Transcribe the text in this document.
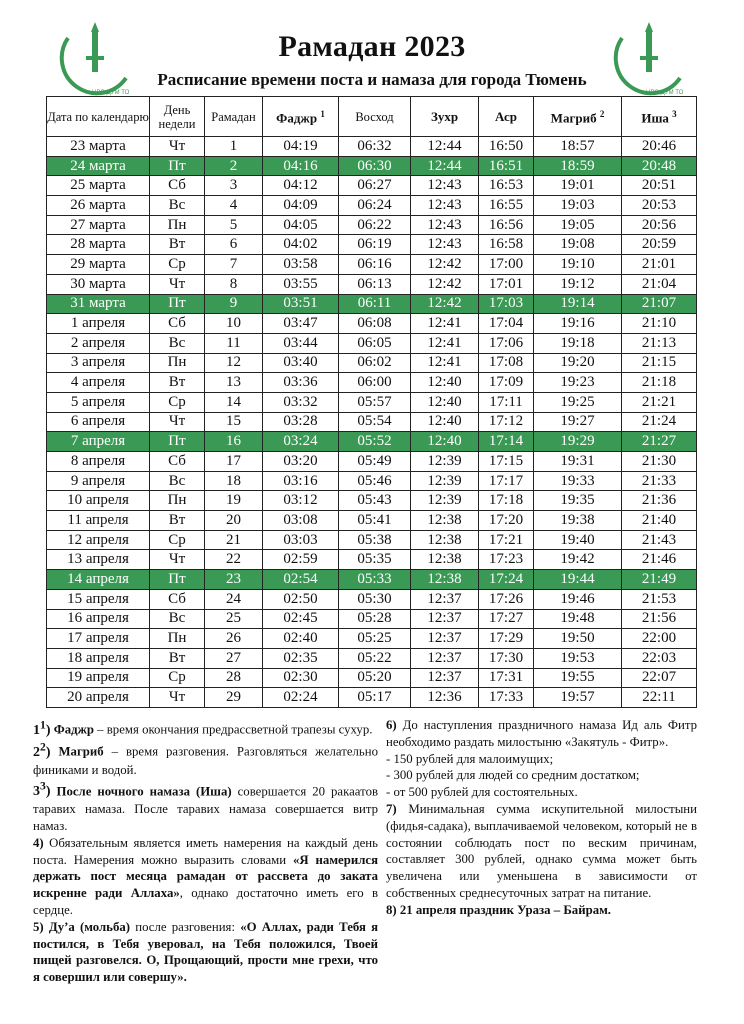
ЦРО ДУМ ТО	ЦРО ДУМ ТО
Рамадан 2023
Расписание времени поста и намаза для города Тюмень
Дата по календарю	День недели	Рамадан	Фаджр $^1$	Восход	Зухр	Аср	Магриб $^2$	Иша $^3$
23 марта	Чт	1	04:19	06:32	12:44	16:50	18:57	20:46
24 марта	Пт	2	04:16	06:30	12:44	16:51	18:59	20:48
25 марта	Сб	3	04:12	06:27	12:43	16:53	19:01	20:51
26 марта	Вс	4	04:09	06:24	12:43	16:55	19:03	20:53
27 марта	Пн	5	04:05	06:22	12:43	16:56	19:05	20:56
28 марта	Вт	6	04:02	06:19	12:43	16:58	19:08	20:59
29 марта	Ср	7	03:58	06:16	12:42	17:00	19:10	21:01
30 марта	Чт	8	03:55	06:13	12:42	17:01	19:12	21:04
31 марта	Пт	9	03:51	06:11	12:42	17:03	19:14	21:07
1 апреля	Сб	10	03:47	06:08	12:41	17:04	19:16	21:10
2 апреля	Вс	11	03:44	06:05	12:41	17:06	19:18	21:13
3 апреля	Пн	12	03:40	06:02	12:41	17:08	19:20	21:15
4 апреля	Вт	13	03:36	06:00	12:40	17:09	19:23	21:18
5 апреля	Ср	14	03:32	05:57	12:40	17:11	19:25	21:21
6 апреля	Чт	15	03:28	05:54	12:40	17:12	19:27	21:24
7 апреля	Пт	16	03:24	05:52	12:40	17:14	19:29	21:27
8 апреля	Сб	17	03:20	05:49	12:39	17:15	19:31	21:30
9 апреля	Вс	18	03:16	05:46	12:39	17:17	19:33	21:33
10 апреля	Пн	19	03:12	05:43	12:39	17:18	19:35	21:36
11 апреля	Вт	20	03:08	05:41	12:38	17:20	19:38	21:40
12 апреля	Ср	21	03:03	05:38	12:38	17:21	19:40	21:43
13 апреля	Чт	22	02:59	05:35	12:38	17:23	19:42	21:46
14 апреля	Пт	23	02:54	05:33	12:38	17:24	19:44	21:49
15 апреля	Сб	24	02:50	05:30	12:37	17:26	19:46	21:53
16 апреля	Вс	25	02:45	05:28	12:37	17:27	19:48	21:56
17 апреля	Пн	26	02:40	05:25	12:37	17:29	19:50	22:00
18 апреля	Вт	27	02:35	05:22	12:37	17:30	19:53	22:03
19 апреля	Ср	28	02:30	05:20	12:37	17:31	19:55	22:07
20 апреля	Чт	29	02:24	05:17	12:36	17:33	19:57	22:11

$1^1$) Фаджр – время окончания предрассветной трапезы сухур.

$2^2$) Магриб – время разговения. Разговляться желательно финиками и водой.

$3^3$) После ночного намаза (Иша) совершается 20 ракаатов таравих намаза. После таравих намаза совершается витр намаз.

4) Обязательным является иметь намерения на каждый день поста. Намерения можно выразить словами «Я намерился держать пост месяца рамадан от рассвета до заката искренне ради Аллаха», однако достаточно иметь его в сердце.

5) Ду’а (мольба) после разговения: «О Аллах, ради Тебя я постился, в Тебя уверовал, на Тебя положился, Твоей пищей разговелся. О, Прощающий, прости мне грехи, что я совершил или совершу».

6) До наступления праздничного намаза Ид аль Фитр необходимо раздать милостыню «Закятуль - Фитр».

- 150 рублей для малоимущих;

- 300 рублей для людей со средним достатком;

- от 500 рублей для состоятельных.

7) Минимальная сумма искупительной милостыни (фидья-садака), выплачиваемой человеком, который не в состоянии соблюдать пост по веским причинам, составляет 300 рублей, однако сумма может быть увеличена или уменьшена в зависимости от собственных среднесуточных затрат на питание.

8) 21 апреля праздник Ураза – Байрам.
